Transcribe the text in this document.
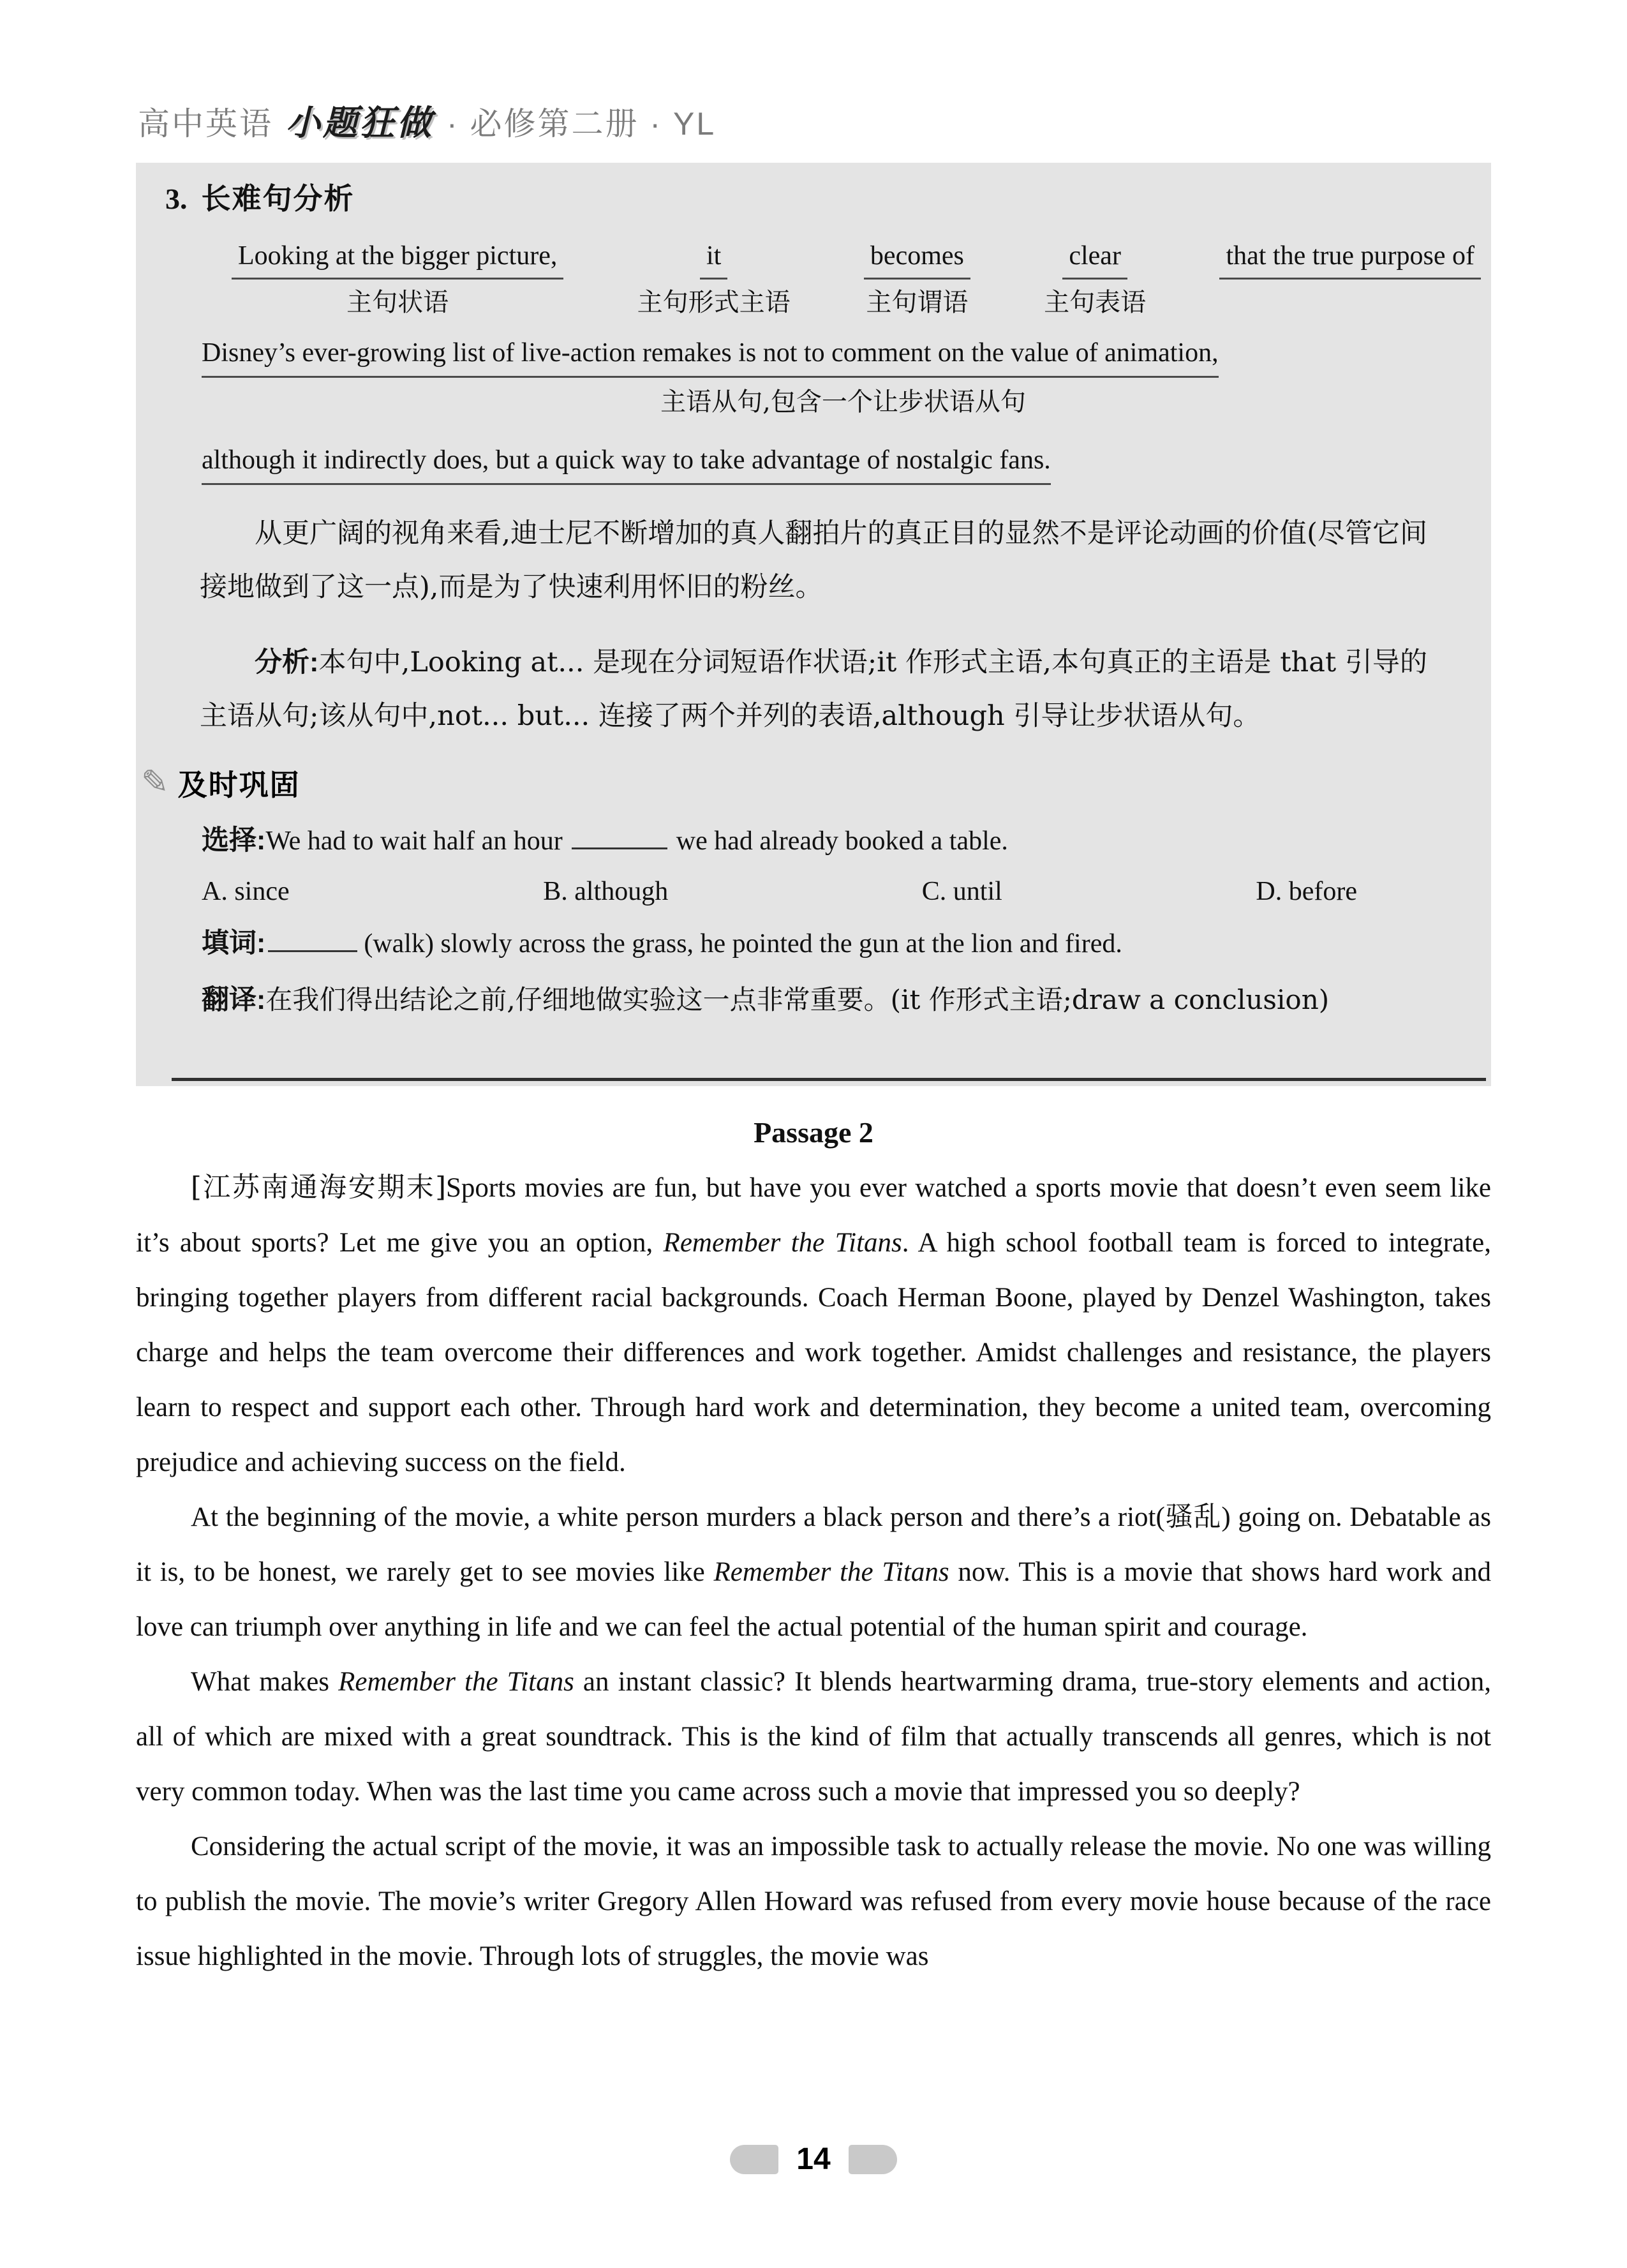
高中英语 小题狂做 · 必修第二册 · YL
3. 长难句分析
Looking at the bigger picture,
主句状语
it
主句形式主语
becomes
主句谓语
clear
主句表语
that the true purpose of
Disney’s ever-growing list of live-action remakes is not to comment on the value of animation,
主语从句,包含一个让步状语从句
although it indirectly does, but a quick way to take advantage of nostalgic fans.
从更广阔的视角来看,迪士尼不断增加的真人翻拍片的真正目的显然不是评论动画的价值(尽管它间接地做到了这一点),而是为了快速利用怀旧的粉丝。
分析:本句中,Looking at... 是现在分词短语作状语;it 作形式主语,本句真正的主语是 that 引导的主语从句;该从句中,not... but... 连接了两个并列的表语,although 引导让步状语从句。
✎ 及时巩固
选择:We had to wait half an hour	we had already booked a table.
A. since	B. although	C. until	D. before
填词:	(walk) slowly across the grass, he pointed the gun at the lion and fired.
翻译:在我们得出结论之前,仔细地做实验这一点非常重要。(it 作形式主语;draw a conclusion)
Passage 2

[江苏南通海安期末]Sports movies are fun, but have you ever watched a sports movie that doesn’t even seem like it’s about sports? Let me give you an option, Remember the Titans. A high school football team is forced to integrate, bringing together players from different racial backgrounds. Coach Herman Boone, played by Denzel Washington, takes charge and helps the team overcome their differences and work together. Amidst challenges and resistance, the players learn to respect and support each other. Through hard work and determination, they become a united team, overcoming prejudice and achieving success on the field.

At the beginning of the movie, a white person murders a black person and there’s a riot(骚乱) going on. Debatable as it is, to be honest, we rarely get to see movies like Remember the Titans now. This is a movie that shows hard work and love can triumph over anything in life and we can feel the actual potential of the human spirit and courage.

What makes Remember the Titans an instant classic? It blends heartwarming drama, true-story elements and action, all of which are mixed with a great soundtrack. This is the kind of film that actually transcends all genres, which is not very common today. When was the last time you came across such a movie that impressed you so deeply?

Considering the actual script of the movie, it was an impossible task to actually release the movie. No one was willing to publish the movie. The movie’s writer Gregory Allen Howard was refused from every movie house because of the race issue highlighted in the movie. Through lots of struggles, the movie was

14
